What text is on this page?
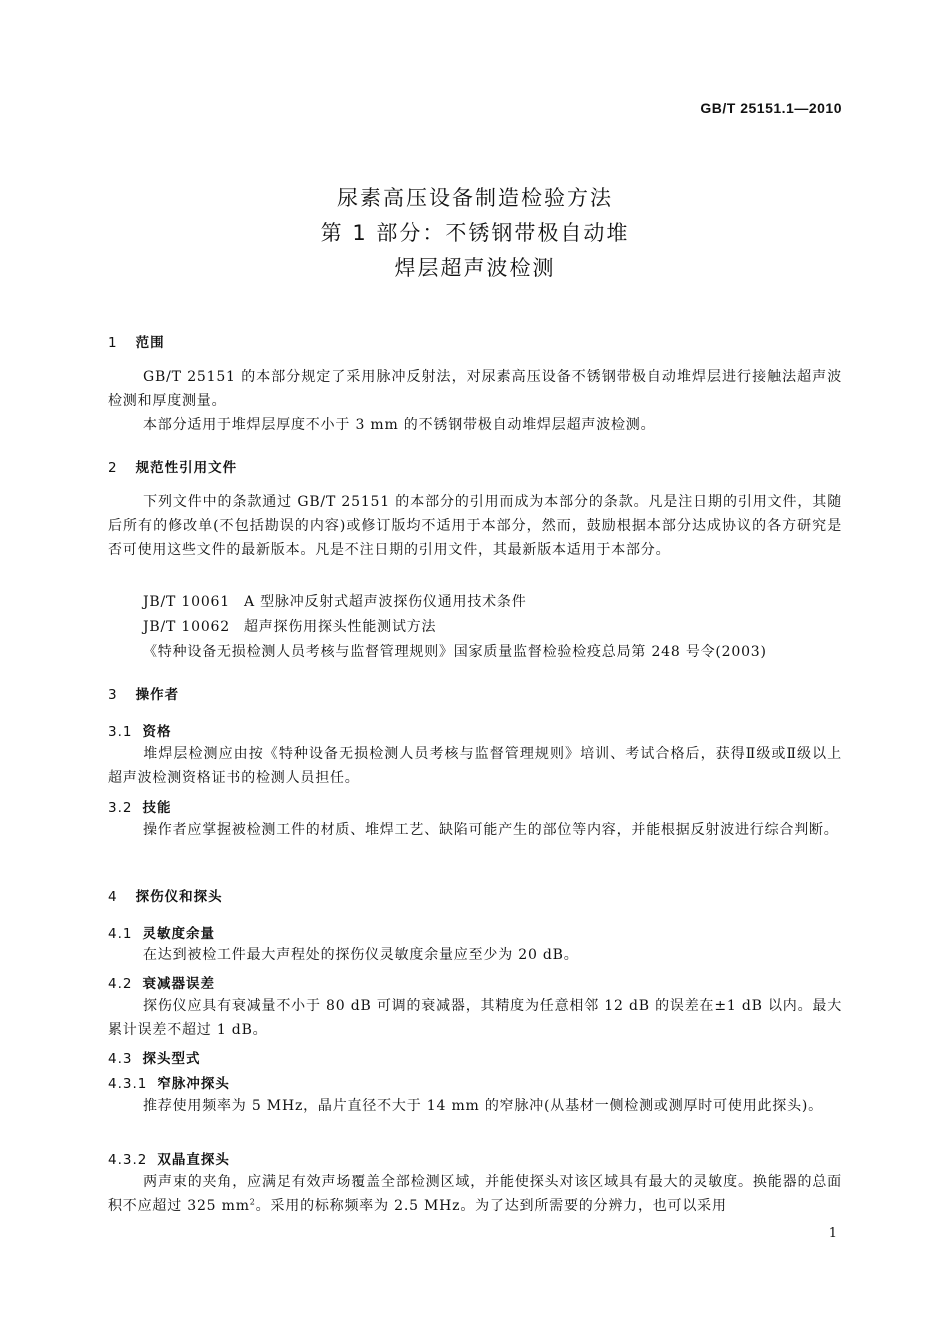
GB/T 25151.1—2010
尿素高压设备制造检验方法
第 1 部分：不锈钢带极自动堆
焊层超声波检测
1 范围
GB/T 25151 的本部分规定了采用脉冲反射法，对尿素高压设备不锈钢带极自动堆焊层进行接触法超声波检测和厚度测量。
本部分适用于堆焊层厚度不小于 3 mm 的不锈钢带极自动堆焊层超声波检测。
2 规范性引用文件
下列文件中的条款通过 GB/T 25151 的本部分的引用而成为本部分的条款。凡是注日期的引用文件，其随后所有的修改单(不包括勘误的内容)或修订版均不适用于本部分，然而，鼓励根据本部分达成协议的各方研究是否可使用这些文件的最新版本。凡是不注日期的引用文件，其最新版本适用于本部分。
JB/T 10061 A 型脉冲反射式超声波探伤仪通用技术条件
JB/T 10062 超声探伤用探头性能测试方法
《特种设备无损检测人员考核与监督管理规则》国家质量监督检验检疫总局第 248 号令(2003)
3 操作者
3.1 资格
堆焊层检测应由按《特种设备无损检测人员考核与监督管理规则》培训、考试合格后，获得Ⅱ级或Ⅱ级以上超声波检测资格证书的检测人员担任。
3.2 技能
操作者应掌握被检测工件的材质、堆焊工艺、缺陷可能产生的部位等内容，并能根据反射波进行综合判断。
4 探伤仪和探头
4.1 灵敏度余量
在达到被检工件最大声程处的探伤仪灵敏度余量应至少为 20 dB。
4.2 衰减器误差
探伤仪应具有衰减量不小于 80 dB 可调的衰减器，其精度为任意相邻 12 dB 的误差在±1 dB 以内。最大累计误差不超过 1 dB。
4.3 探头型式
4.3.1 窄脉冲探头
推荐使用频率为 5 MHz，晶片直径不大于 14 mm 的窄脉冲(从基材一侧检测或测厚时可使用此探头)。
4.3.2 双晶直探头
两声束的夹角，应满足有效声场覆盖全部检测区域，并能使探头对该区域具有最大的灵敏度。换能器的总面积不应超过 325 $mm^2$。采用的标称频率为 2.5 MHz。为了达到所需要的分辨力，也可以采用
1
